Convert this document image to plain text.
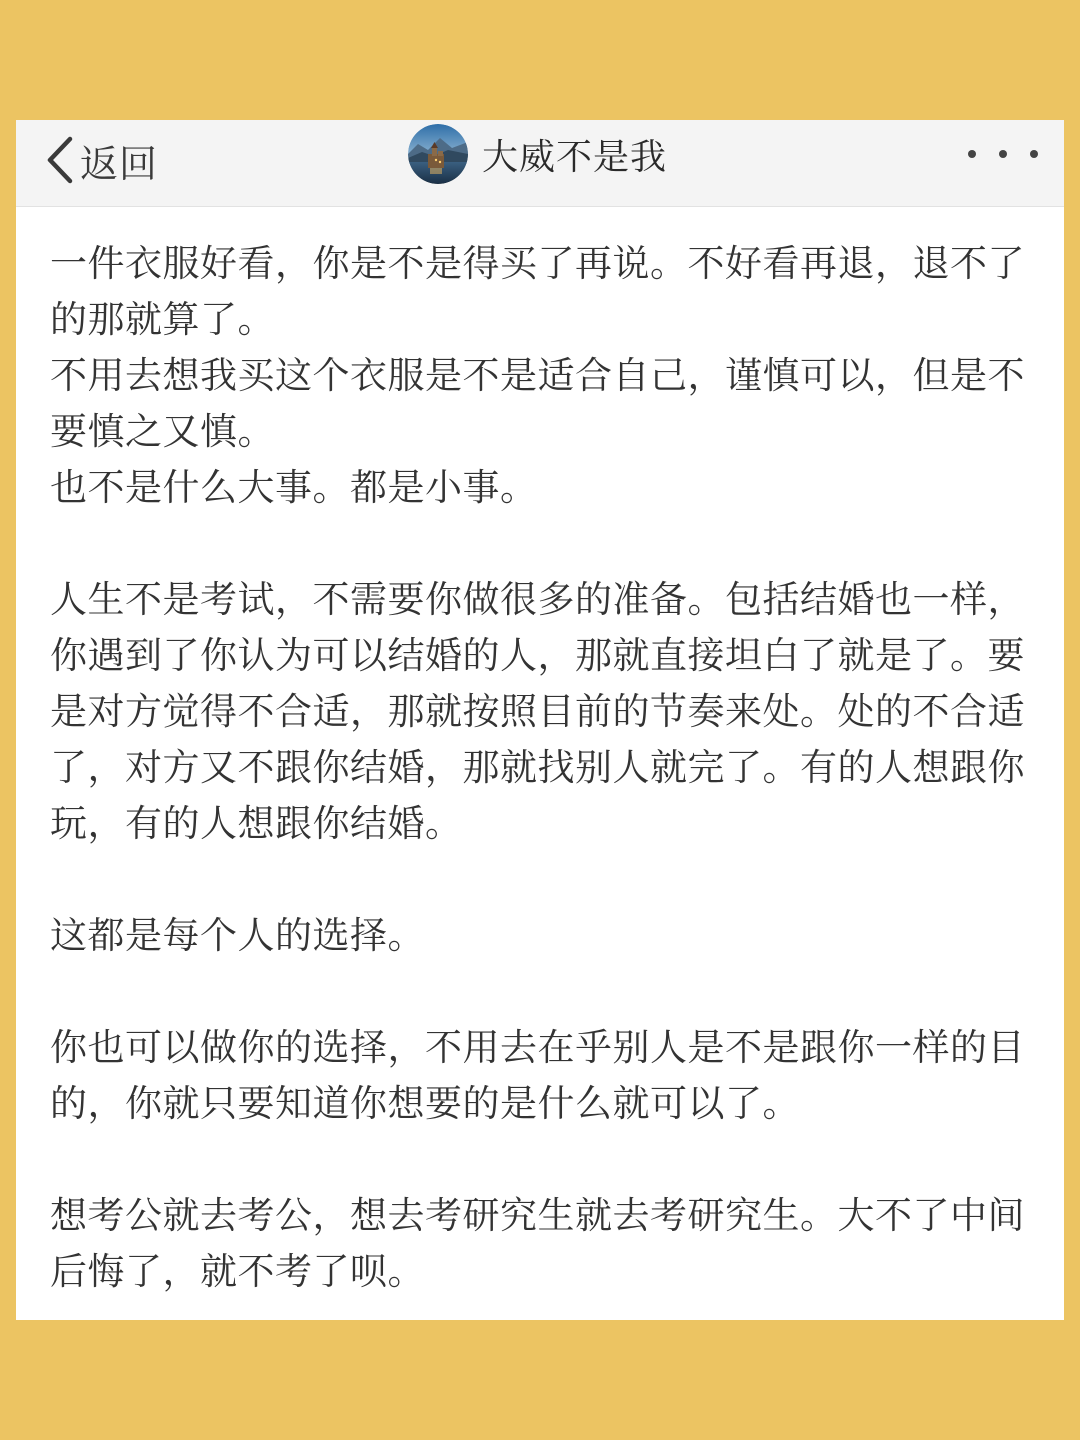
返回	大威不是我

一件衣服好看，你是不是得买了再说。不好看再退，退不了的那就算了。

不用去想我买这个衣服是不是适合自己，谨慎可以，但是不要慎之又慎。

也不是什么大事。都是小事。

人生不是考试，不需要你做很多的准备。包括结婚也一样，你遇到了你认为可以结婚的人，那就直接坦白了就是了。要是对方觉得不合适，那就按照目前的节奏来处。处的不合适了，对方又不跟你结婚，那就找别人就完了。有的人想跟你玩，有的人想跟你结婚。

这都是每个人的选择。

你也可以做你的选择，不用去在乎别人是不是跟你一样的目的，你就只要知道你想要的是什么就可以了。

想考公就去考公，想去考研究生就去考研究生。大不了中间后悔了，就不考了呗。
